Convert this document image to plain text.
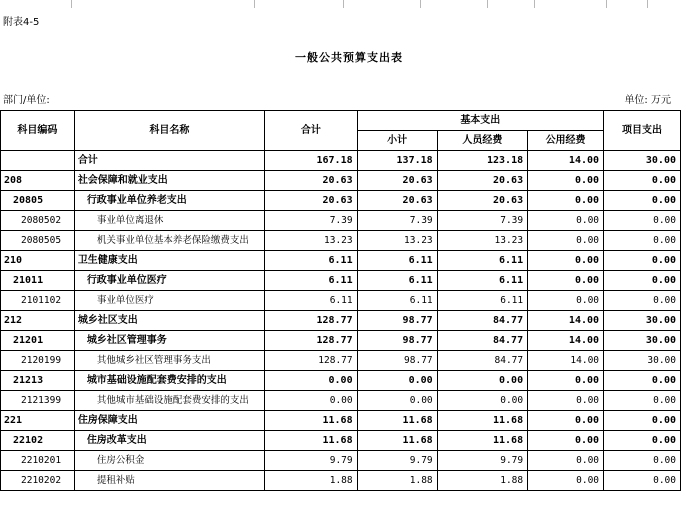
附表4-5
一般公共预算支出表
部门/单位:	单位: 万元
科目编码	科目名称	合计	基本支出			项目支出
			小计	人员经费	公用经费	
	合计	167.18	137.18	123.18	14.00	30.00
208	社会保障和就业支出	20.63	20.63	20.63	0.00	0.00
20805	行政事业单位养老支出	20.63	20.63	20.63	0.00	0.00
2080502	事业单位离退休	7.39	7.39	7.39	0.00	0.00
2080505	机关事业单位基本养老保险缴费支出	13.23	13.23	13.23	0.00	0.00
210	卫生健康支出	6.11	6.11	6.11	0.00	0.00
21011	行政事业单位医疗	6.11	6.11	6.11	0.00	0.00
2101102	事业单位医疗	6.11	6.11	6.11	0.00	0.00
212	城乡社区支出	128.77	98.77	84.77	14.00	30.00
21201	城乡社区管理事务	128.77	98.77	84.77	14.00	30.00
2120199	其他城乡社区管理事务支出	128.77	98.77	84.77	14.00	30.00
21213	城市基础设施配套费安排的支出	0.00	0.00	0.00	0.00	0.00
2121399	其他城市基础设施配套费安排的支出	0.00	0.00	0.00	0.00	0.00
221	住房保障支出	11.68	11.68	11.68	0.00	0.00
22102	住房改革支出	11.68	11.68	11.68	0.00	0.00
2210201	住房公积金	9.79	9.79	9.79	0.00	0.00
2210202	提租补贴	1.88	1.88	1.88	0.00	0.00
